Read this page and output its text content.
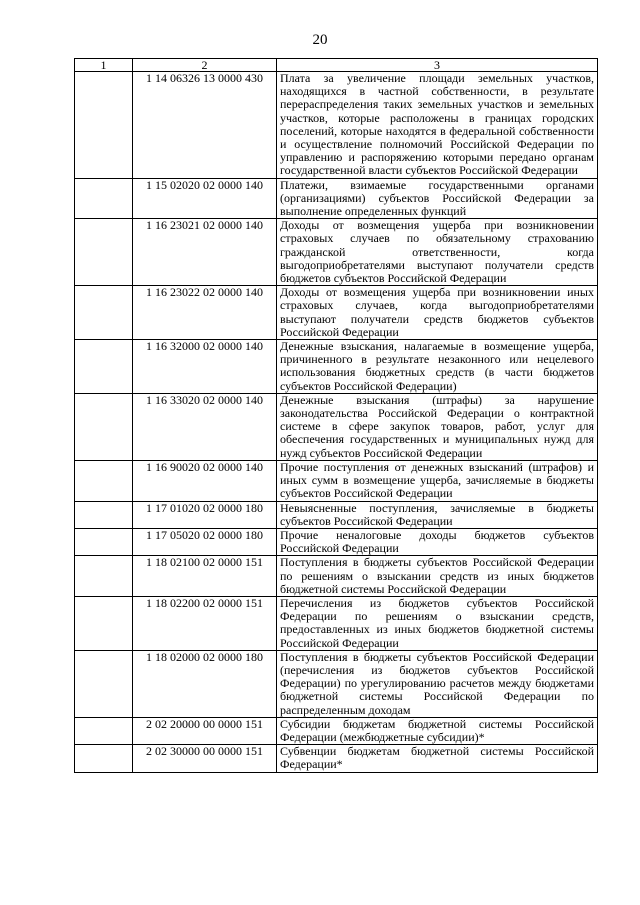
20
1	2	3
	1 14 06326 13 0000 430	Плата за увеличение площади земельных участков, находящихся в частной собственности, в результате перераспределения таких земельных участков и земельных участков, которые расположены в границах городских поселений, которые находятся в федеральной собственности и осуществление полномочий Российской Федерации по управлению и распоряжению которыми передано органам государственной власти субъектов Российской Федерации
	1 15 02020 02 0000 140	Платежи, взимаемые государственными органами (организациями) субъектов Российской Федерации за выполнение определенных функций
	1 16 23021 02 0000 140	Доходы от возмещения ущерба при возникновении страховых случаев по обязательному страхованию гражданской ответственности, когда выгодоприобретателями выступают получатели средств бюджетов субъектов Российской Федерации
	1 16 23022 02 0000 140	Доходы от возмещения ущерба при возникновении иных страховых случаев, когда выгодоприобретателями выступают получатели средств бюджетов субъектов Российской Федерации
	1 16 32000 02 0000 140	Денежные взыскания, налагаемые в возмещение ущерба, причиненного в результате незаконного или нецелевого использования бюджетных средств (в части бюджетов субъектов Российской Федерации)
	1 16 33020 02 0000 140	Денежные взыскания (штрафы) за нарушение законодательства Российской Федерации о контрактной системе в сфере закупок товаров, работ, услуг для обеспечения государственных и муниципальных нужд для нужд субъектов Российской Федерации
	1 16 90020 02 0000 140	Прочие поступления от денежных взысканий (штрафов) и иных сумм в возмещение ущерба, зачисляемые в бюджеты субъектов Российской Федерации
	1 17 01020 02 0000 180	Невыясненные поступления, зачисляемые в бюджеты субъектов Российской Федерации
	1 17 05020 02 0000 180	Прочие неналоговые доходы бюджетов субъектов Российской Федерации
	1 18 02100 02 0000 151	Поступления в бюджеты субъектов Российской Федерации по решениям о взыскании средств из иных бюджетов бюджетной системы Российской Федерации
	1 18 02200 02 0000 151	Перечисления из бюджетов субъектов Российской Федерации по решениям о взыскании средств, предоставленных из иных бюджетов бюджетной системы Российской Федерации
	1 18 02000 02 0000 180	Поступления в бюджеты субъектов Российской Федерации (перечисления из бюджетов субъектов Российской Федерации) по урегулированию расчетов между бюджетами бюджетной системы Российской Федерации по распределенным доходам
	2 02 20000 00 0000 151	Субсидии бюджетам бюджетной системы Российской Федерации (межбюджетные субсидии)*
	2 02 30000 00 0000 151	Субвенции бюджетам бюджетной системы Российской Федерации*
